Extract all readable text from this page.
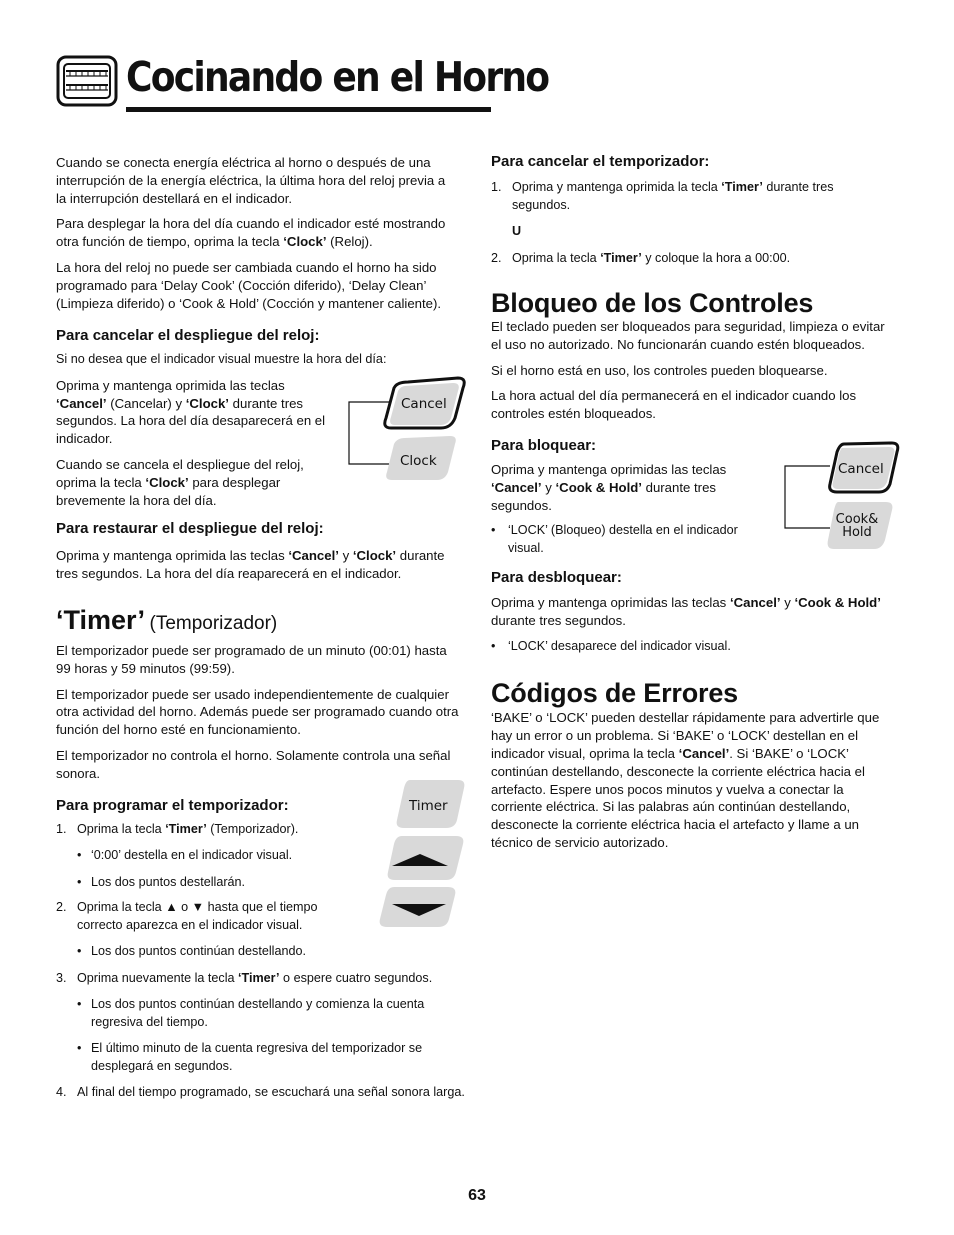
Cocinando en el Horno

Cuando se conecta energía eléctrica al horno o después de una interrupción de la energía eléctrica, la última hora del reloj previa a la interrupción destellará en el indicador.

Para desplegar la hora del día cuando el indicador esté mostrando otra función de tiempo, oprima la tecla ‘Clock’ (Reloj).

La hora del reloj no puede ser cambiada cuando el horno ha sido programado para ‘Delay Cook’ (Cocción diferido), ‘Delay Clean’ (Limpieza diferido) o ‘Cook & Hold’ (Cocción y mantener caliente).

Para cancelar el despliegue del reloj:

Si no desea que el indicador visual muestre la hora del día:

Oprima y mantenga oprimida las teclas ‘Cancel’ (Cancelar) y ‘Clock’ durante tres segundos. La hora del día desaparecerá en el indicador.

Cuando se cancela el despliegue del reloj, oprima la tecla ‘Clock’ para desplegar brevemente la hora del día.

Para restaurar el despliegue del reloj:

Oprima y mantenga oprimida las teclas ‘Cancel’ y ‘Clock’ durante tres segundos. La hora del día reaparecerá en el indicador.

‘Timer’ (Temporizador)

El temporizador puede ser programado de un minuto (00:01) hasta 99 horas y 59 minutos (99:59).

El temporizador puede ser usado independientemente de cualquier otra actividad del horno. Además puede ser programado cuando otra función del horno esté en funcionamiento.

El temporizador no controla el horno. Solamente controla una señal sonora.

Para programar el temporizador:
1. Oprima la tecla ‘Timer’ (Temporizador).
• ‘0:00’ destella en el indicador visual.
• Los dos puntos destellarán.
2. Oprima la tecla ▲ o ▼ hasta que el tiempo correcto aparezca en el indicador visual.
• Los dos puntos continúan destellando.
3. Oprima nuevamente la tecla ‘Timer’ o espere cuatro segundos.
• Los dos puntos continúan destellando y comienza la cuenta regresiva del tiempo.
• El último minuto de la cuenta regresiva del temporizador se desplegará en segundos.
4. Al final del tiempo programado, se escuchará una señal sonora larga.
Cancel
Clock
Timer
Para cancelar el temporizador:
1. Oprima y mantenga oprimida la tecla ‘Timer’ durante tres segundos.
U
2. Oprima la tecla ‘Timer’ y coloque la hora a 00:00.
Bloqueo de los Controles

El teclado pueden ser bloqueados para seguridad, limpieza o evitar el uso no autorizado. No funcionarán cuando estén bloqueados.

Si el horno está en uso, los controles pueden bloquearse.

La hora actual del día permanecerá en el indicador cuando los controles estén bloqueados.

Para bloquear:

Oprima y mantenga oprimidas las teclas ‘Cancel’ y ‘Cook & Hold’ durante tres segundos.

• ‘LOCK’ (Bloqueo) destella en el indicador visual.
Para desbloquear:

Oprima y mantenga oprimidas las teclas ‘Cancel’ y ‘Cook & Hold’ durante tres segundos.

• ‘LOCK’ desaparece del indicador visual.
Códigos de Errores

‘BAKE’ o ‘LOCK’ pueden destellar rápidamente para advertirle que hay un error o un problema. Si ‘BAKE’ o ‘LOCK’ destellan en el indicador visual, oprima la tecla ‘Cancel’. Si ‘BAKE’ o ‘LOCK’ continúan destellando, desconecte la corriente eléctrica hacia el artefacto. Espere unos pocos minutos y vuelva a conectar la corriente eléctrica. Si las palabras aún continúan destellando, desconecte la corriente eléctrica hacia el artefacto y llame a un técnico de servicio autorizado.

Cancel
Cook&
Hold
63
